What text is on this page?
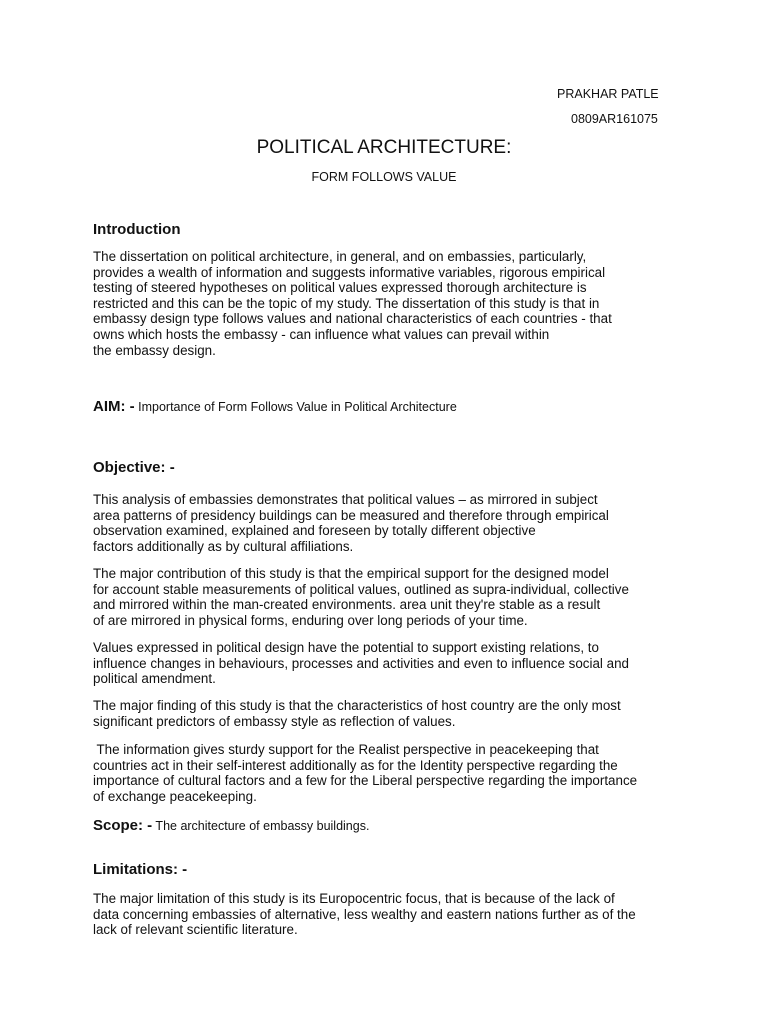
PRAKHAR PATLE
0809AR161075
POLITICAL ARCHITECTURE:
FORM FOLLOWS VALUE
Introduction
The dissertation on political architecture, in general, and on embassies, particularly,
provides a wealth of information and suggests informative variables, rigorous empirical
testing of steered hypotheses on political values expressed thorough architecture is
restricted and this can be the topic of my study. The dissertation of this study is that in
embassy design type follows values and national characteristics of each countries - that
owns which hosts the embassy - can influence what values can prevail within
the embassy design.
AIM: - Importance of Form Follows Value in Political Architecture
Objective: -
This analysis of embassies demonstrates that political values – as mirrored in subject
area patterns of presidency buildings can be measured and therefore through empirical
observation examined, explained and foreseen by totally different objective
factors additionally as by cultural affiliations.
The major contribution of this study is that the empirical support for the designed model
for account stable measurements of political values, outlined as supra-individual, collective
and mirrored within the man-created environments. area unit they're stable as a result
of are mirrored in physical forms, enduring over long periods of your time.
Values expressed in political design have the potential to support existing relations, to
influence changes in behaviours, processes and activities and even to influence social and
political amendment.
The major finding of this study is that the characteristics of host country are the only most
significant predictors of embassy style as reflection of values.
The information gives sturdy support for the Realist perspective in peacekeeping that
countries act in their self-interest additionally as for the Identity perspective regarding the
importance of cultural factors and a few for the Liberal perspective regarding the importance
of exchange peacekeeping.
Scope: - The architecture of embassy buildings.
Limitations: -
The major limitation of this study is its Europocentric focus, that is because of the lack of
data concerning embassies of alternative, less wealthy and eastern nations further as of the
lack of relevant scientific literature.
